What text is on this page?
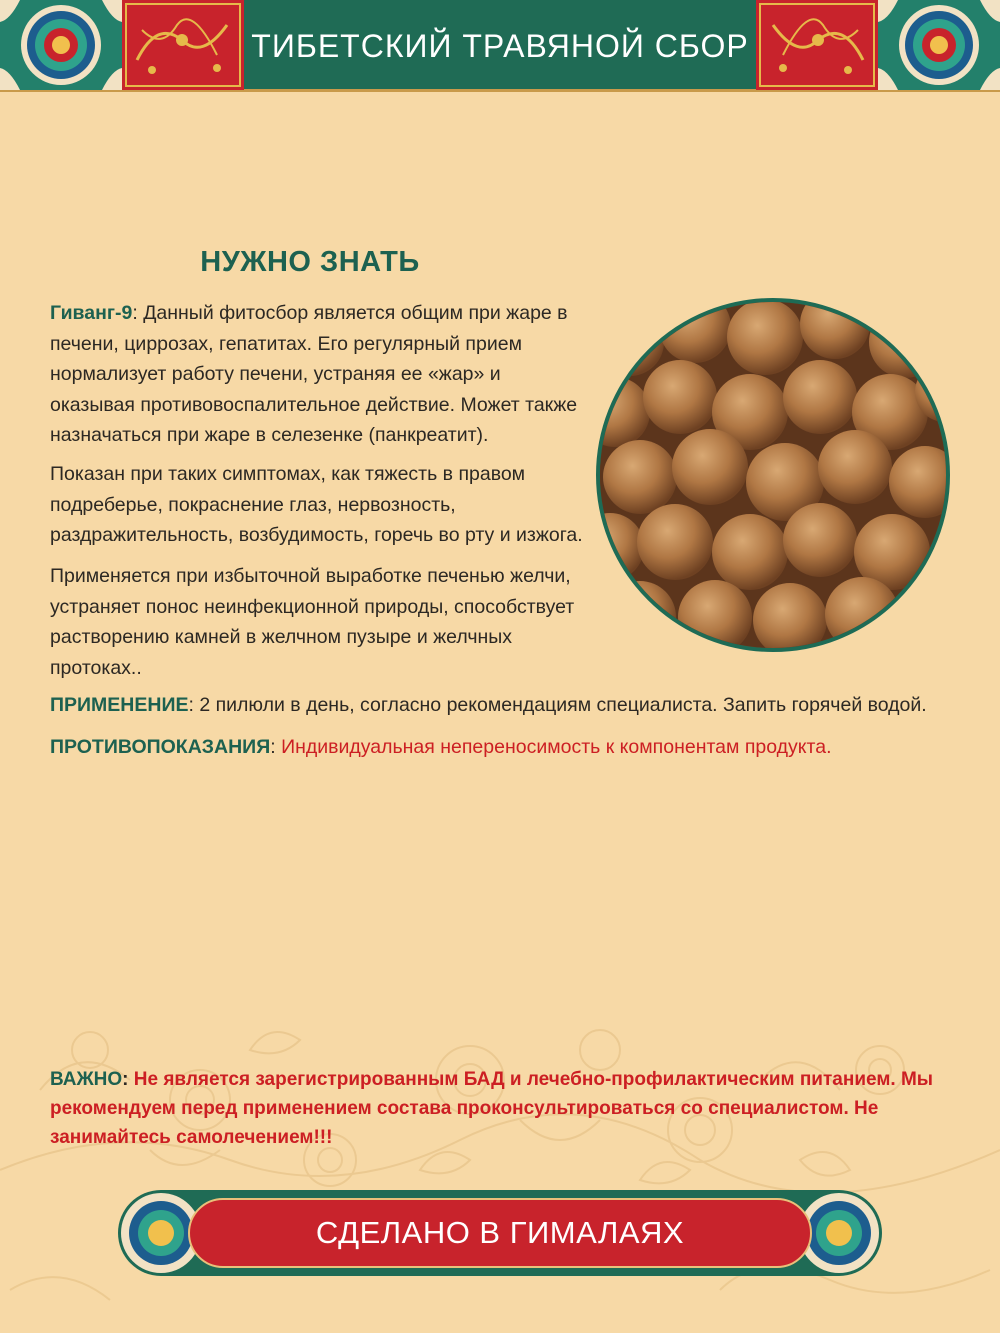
ТИБЕТСКИЙ ТРАВЯНОЙ СБОР
НУЖНО ЗНАТЬ

Гиванг-9: Данный фитосбор является общим при жаре в печени, циррозах, гепатитах. Его регулярный прием нормализует работу печени, устраняя ее «жар» и оказывая противовоспалительное действие. Может также назначаться при жаре в селезенке (панкреатит).

Показан при таких симптомах, как тяжесть в правом подреберье, покраснение глаз, нервозность, раздражительность, возбудимость, горечь во рту и изжога.

Применяется при избыточной выработке печенью желчи, устраняет понос неинфекционной природы, способствует растворению камней в желчном пузыре и желчных протоках..

ПРИМЕНЕНИЕ: 2 пилюли в день, согласно рекомендациям специалиста. Запить горячей водой.
ПРОТИВОПОКАЗАНИЯ: Индивидуальная непереносимость к компонентам продукта.
ВАЖНО: Не является зарегистрированным БАД и лечебно-профилактическим питанием. Мы рекомендуем перед применением состава проконсультироваться со специалистом. Не занимайтесь самолечением!!!
СДЕЛАНО В ГИМАЛАЯХ
